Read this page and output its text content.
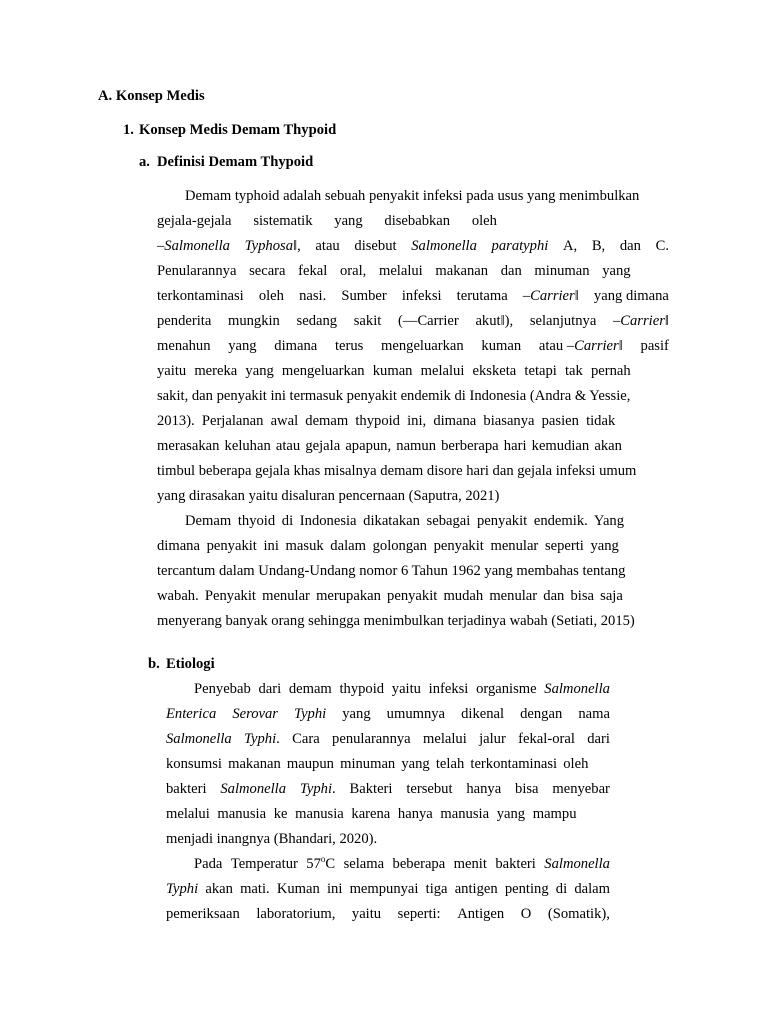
A. Konsep Medis
1. Konsep Medis Demam Thypoid
a. Definisi Demam Thypoid
Demam typhoid adalah sebuah penyakit infeksi pada usus yang menimbulkan
gejala-gejala sistematik yang disebabkan oleh
–Salmonella Typhosa‖, atau disebut Salmonella paratyphi A, B, dan C.
Penularannya secara fekal oral, melalui makanan dan minuman yang
terkontaminasi oleh nasi. Sumber infeksi terutama –Carrier‖ yang dimana
penderita mungkin sedang sakit (―Carrier akut‖), selanjutnya –Carrier‖
menahun yang dimana terus mengeluarkan kuman atau –Carrier‖ pasif
yaitu mereka yang mengeluarkan kuman melalui eksketa tetapi tak pernah
sakit, dan penyakit ini termasuk penyakit endemik di Indonesia (Andra & Yessie,
2013). Perjalanan awal demam thypoid ini, dimana biasanya pasien tidak
merasakan keluhan atau gejala apapun, namun berberapa hari kemudian akan
timbul beberapa gejala khas misalnya demam disore hari dan gejala infeksi umum
yang dirasakan yaitu disaluran pencernaan (Saputra, 2021)
Demam thyoid di Indonesia dikatakan sebagai penyakit endemik. Yang
dimana penyakit ini masuk dalam golongan penyakit menular seperti yang
tercantum dalam Undang-Undang nomor 6 Tahun 1962 yang membahas tentang
wabah. Penyakit menular merupakan penyakit mudah menular dan bisa saja
menyerang banyak orang sehingga menimbulkan terjadinya wabah (Setiati, 2015)
b. Etiologi
Penyebab dari demam thypoid yaitu infeksi organisme Salmonella
Enterica Serovar Typhi yang umumnya dikenal dengan nama
Salmonella Typhi. Cara penularannya melalui jalur fekal-oral dari
konsumsi makanan maupun minuman yang telah terkontaminasi oleh
bakteri Salmonella Typhi. Bakteri tersebut hanya bisa menyebar
melalui manusia ke manusia karena hanya manusia yang mampu
menjadi inangnya (Bhandari, 2020).
Pada Temperatur 57$^o$C selama beberapa menit bakteri Salmonella
Typhi akan mati. Kuman ini mempunyai tiga antigen penting di dalam
pemeriksaan laboratorium, yaitu seperti: Antigen O (Somatik),
